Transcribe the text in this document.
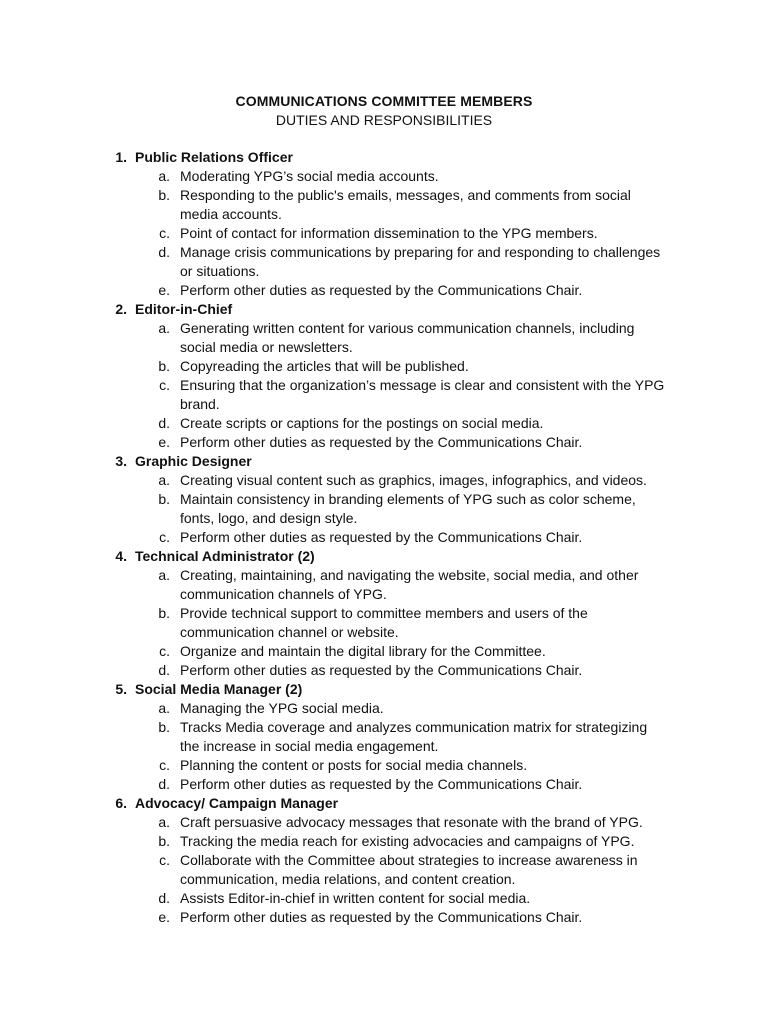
COMMUNICATIONS COMMITTEE MEMBERS
DUTIES AND RESPONSIBILITIES
1. Public Relations Officer
a. Moderating YPG’s social media accounts.
b. Responding to the public's emails, messages, and comments from social media accounts.
c. Point of contact for information dissemination to the YPG members.
d. Manage crisis communications by preparing for and responding to challenges or situations.
e. Perform other duties as requested by the Communications Chair.
2. Editor-in-Chief
a. Generating written content for various communication channels, including social media or newsletters.
b. Copyreading the articles that will be published.
c. Ensuring that the organization’s message is clear and consistent with the YPG brand.
d. Create scripts or captions for the postings on social media.
e. Perform other duties as requested by the Communications Chair.
3. Graphic Designer
a. Creating visual content such as graphics, images, infographics, and videos.
b. Maintain consistency in branding elements of YPG such as color scheme, fonts, logo, and design style.
c. Perform other duties as requested by the Communications Chair.
4. Technical Administrator (2)
a. Creating, maintaining, and navigating the website, social media, and other communication channels of YPG.
b. Provide technical support to committee members and users of the communication channel or website.
c. Organize and maintain the digital library for the Committee.
d. Perform other duties as requested by the Communications Chair.
5. Social Media Manager (2)
a. Managing the YPG social media.
b. Tracks Media coverage and analyzes communication matrix for strategizing the increase in social media engagement.
c. Planning the content or posts for social media channels.
d. Perform other duties as requested by the Communications Chair.
6. Advocacy/ Campaign Manager
a. Craft persuasive advocacy messages that resonate with the brand of YPG.
b. Tracking the media reach for existing advocacies and campaigns of YPG.
c. Collaborate with the Committee about strategies to increase awareness in communication, media relations, and content creation.
d. Assists Editor-in-chief in written content for social media.
e. Perform other duties as requested by the Communications Chair.
